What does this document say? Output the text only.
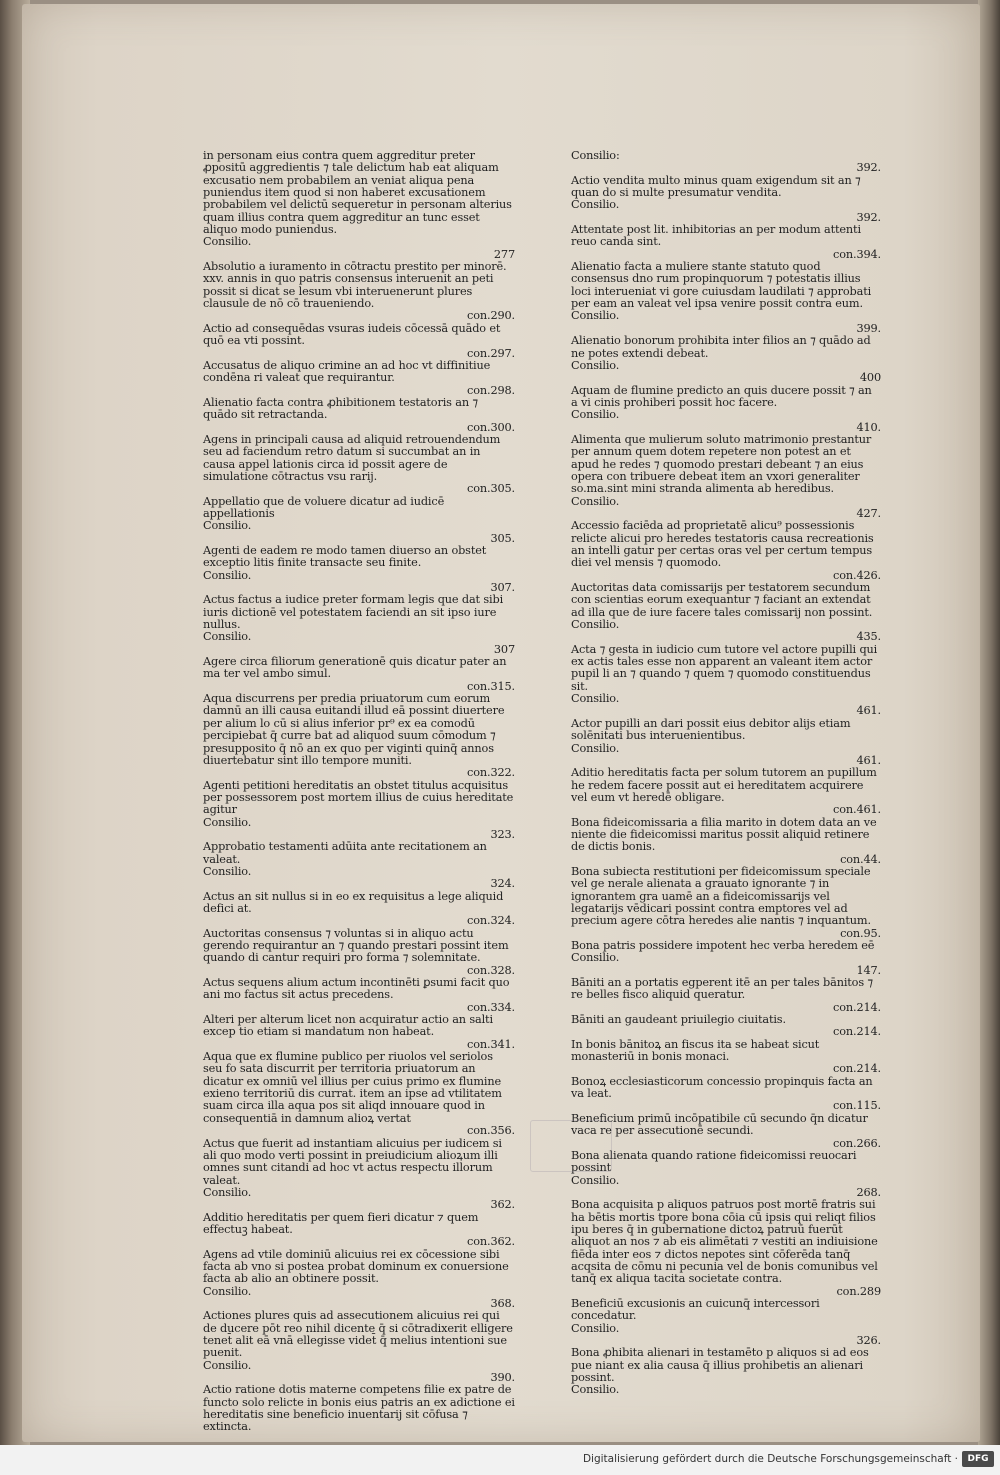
in personam eius contra quem aggreditur preter ꝓpositū aggredientis ⁊ tale delictum hab eat aliquam excusatio nem probabilem an veniat aliqua pena puniendus item quod si non haberet excusationem probabilem vel delictū sequeretur in personam alterius quam illius contra quem aggreditur an tunc esset aliquo modo puniendus.
Consilio.
277
Absolutio a iuramento in cōtractu prestito per minorē. xxv. annis in quo patris consensus interuenit an peti possit si dicat se lesum vbi interuenerunt plures clausule de nō cō traueniendo.
con.290.
Actio ad consequēdas vsuras iudeis cōcessā quādo et quō ea vti possint.
con.297.
Accusatus de aliquo crimine an ad hoc vt diffinitiue condēna ri valeat que requirantur.
con.298.
Alienatio facta contra ꝓhibitionem testatoris an ⁊ quādo sit retractanda.
con.300.
Agens in principali causa ad aliquid retrouendendum seu ad faciendum retro datum si succumbat an in causa appel lationis circa id possit agere de simulatione cōtractus vsu rarij.
con.305.
Appellatio que de voluere dicatur ad iudicē appellationis
Consilio.
305.
Agenti de eadem re modo tamen diuerso an obstet exceptio litis finite transacte seu finite.
Consilio.
307.
Actus factus a iudice preter formam legis que dat sibi iuris dictionē vel potestatem faciendi an sit ipso iure nullus.
Consilio.
307
Agere circa filiorum generationē quis dicatur pater an ma ter vel ambo simul.
con.315.
Aqua discurrens per predia priuatorum cum eorum damnū an illi causa euitandi illud eā possint diuertere per alium lo cū si alius inferior pr⁹ ex ea comodū percipiebat q̄ curre bat ad aliquod suum cōmodum ⁊ presupposito q̄ nō an ex quo per viginti quinq̄ annos diuertebatur sint illo tempore muniti.
con.322.
Agenti petitioni hereditatis an obstet titulus acquisitus per possessorem post mortem illius de cuius hereditate agitur
Consilio.
323.
Approbatio testamenti adūita ante recitationem an valeat.
Consilio.
324.
Actus an sit nullus si in eo ex requisitus a lege aliquid defici at.
con.324.
Auctoritas consensus ⁊ voluntas si in aliquo actu gerendo requirantur an ⁊ quando prestari possint item quando di cantur requiri pro forma ⁊ solemnitate.
con.328.
Actus sequens alium actum incontinēti ꝑsumi facit quo ani mo factus sit actus precedens.
con.334.
Alteri per alterum licet non acquiratur actio an salti excep tio etiam si mandatum non habeat.
con.341.
Aqua que ex flumine publico per riuolos vel seriolos seu fo sata discurrit per territoria priuatorum an dicatur ex omniū vel illius per cuius primo ex flumine exieno territoriū dis currat. item an ipse ad vtilitatem suam circa illa aqua pos sit aliqd innouare quod in consequentiā in damnum alioꝝ vertat
con.356.
Actus que fuerit ad instantiam alicuius per iudicem si ali quo modo verti possint in preiudicium alioꝝum illi omnes sunt citandi ad hoc vt actus respectu illorum valeat.
Consilio.
362.
Additio hereditatis per quem fieri dicatur ⁊ quem effectuꝫ habeat.
con.362.
Agens ad vtile dominiū alicuius rei ex cōcessione sibi facta ab vno si postea probat dominum ex conuersione facta ab alio an obtinere possit.
Consilio.
368.
Actiones plures quis ad assecutionem alicuius rei qui de ducere pōt reo nihil dicente q̄ si cōtradixerit elligere tenet̄ alit eā vnā ellegisse videt̄ q̄ melius intentioni sue puenit.
Consilio.
390.
Actio ratione dotis materne competens filie ex patre de functo solo relicte in bonis eius patris an ex adictione ei hereditatis sine beneficio inuentarij sit cōfusa ⁊ extincta.
Consilio:
392.
Actio vendita multo minus quam exigendum sit an ⁊ quan do si multe presumatur vendita.
Consilio.
392.
Attentate post lit. inhibitorias an per modum attenti reuo canda sint.
con.394.
Alienatio facta a muliere stante statuto quod consensus dno rum propinquorum ⁊ potestatis illius loci interueniat vi gore cuiusdam laudilati ⁊ approbati per eam an valeat vel ipsa venire possit contra eum.
Consilio.
399.
Alienatio bonorum prohibita inter filios an ⁊ quādo ad ne potes extendi debeat.
Consilio.
400
Aquam de flumine predicto an quis ducere possit ⁊ an a vi cinis prohiberi possit hoc facere.
Consilio.
410.
Alimenta que mulierum soluto matrimonio prestantur per annum quem dotem repetere non potest an et apud he redes ⁊ quomodo prestari debeant ⁊ an eius opera con tribuere debeat item an vxori generaliter so.ma.sint mini stranda alimenta ab heredibus.
Consilio.
427.
Accessio faciēda ad proprietatē alicu⁹ possessionis relicte alicui pro heredes testatoris causa recreationis an intelli gatur per certas oras vel per certum tempus diei vel mensis ⁊ quomodo.
con.426.
Auctoritas data comissarijs per testatorem secundum con scientias eorum exequantur ⁊ faciant an extendat ad illa que de iure facere tales comissarij non possint.
Consilio.
435.
Acta ⁊ gesta in iudicio cum tutore vel actore pupilli qui ex actis tales esse non apparent an valeant item actor pupil li an ⁊ quando ⁊ quem ⁊ quomodo constituendus sit.
Consilio.
461.
Actor pupilli an dari possit eius debitor alijs etiam solēnitati bus interuenientibus.
Consilio.
461.
Aditio hereditatis facta per solum tutorem an pupillum he redem facere possit aut ei hereditatem acquirere vel eum vt heredē obligare.
con.461.
Bona fideicomissaria a filia marito in dotem data an ve niente die fideicomissi maritus possit aliquid retinere de dictis bonis.
con.44.
Bona subiecta restitutioni per fideicomissum speciale vel ge nerale alienata a grauato ignorante ⁊ in ignorantem gra uamē an a fideicomissarijs vel legatarijs vēdicari possint contra emptores vel ad precium agere cōtra heredes alie nantis ⁊ inquantum.
con.95.
Bona patris possidere impotent hec verba heredem eē
Consilio.
147.
Bāniti an a portatis egperent itē an per tales bānitos ⁊ re belles fisco aliquid queratur.
con.214.
Bāniti an gaudeant priuilegio ciuitatis.
con.214.
In bonis bānitoꝝ an fiscus ita se habeat sicut monasteriū in bonis monaci.
con.214.
Bonoꝝ ecclesiasticorum concessio propinquis facta an va leat.
con.115.
Beneficium primū incōpatibile cū secundo q̄n dicatur vaca re per assecutionē secundi.
con.266.
Bona alienata quando ratione fideicomissi reuocari possint
Consilio.
268.
Bona acquisita p aliquos patruos post mortē fratris sui ha bētis mortis tpore bona cōia cū ipsis qui reliqt filios ipu beres q̄ in gubernatione dictoꝝ patruū fuerūt aliquot an nos ⁊ ab eis alimētati ⁊ vestiti an indiuisione fiēda inter eos ⁊ dictos nepotes sint cōferēda tanq̄ acqsita de cōmu ni pecunia vel de bonis comunibus vel tanq̄ ex aliqua tacita societate contra.
con.289
Beneficiū excusionis an cuicunq̄ intercessori concedatur.
Consilio.
326.
Bona ꝓhibita alienari in testamēto p aliquos si ad eos pue niant ex alia causa q̄ illius prohibetis an alienari possint.
Consilio.
Digitalisierung gefördert durch die Deutsche Forschungsgemeinschaft ·	DFG
